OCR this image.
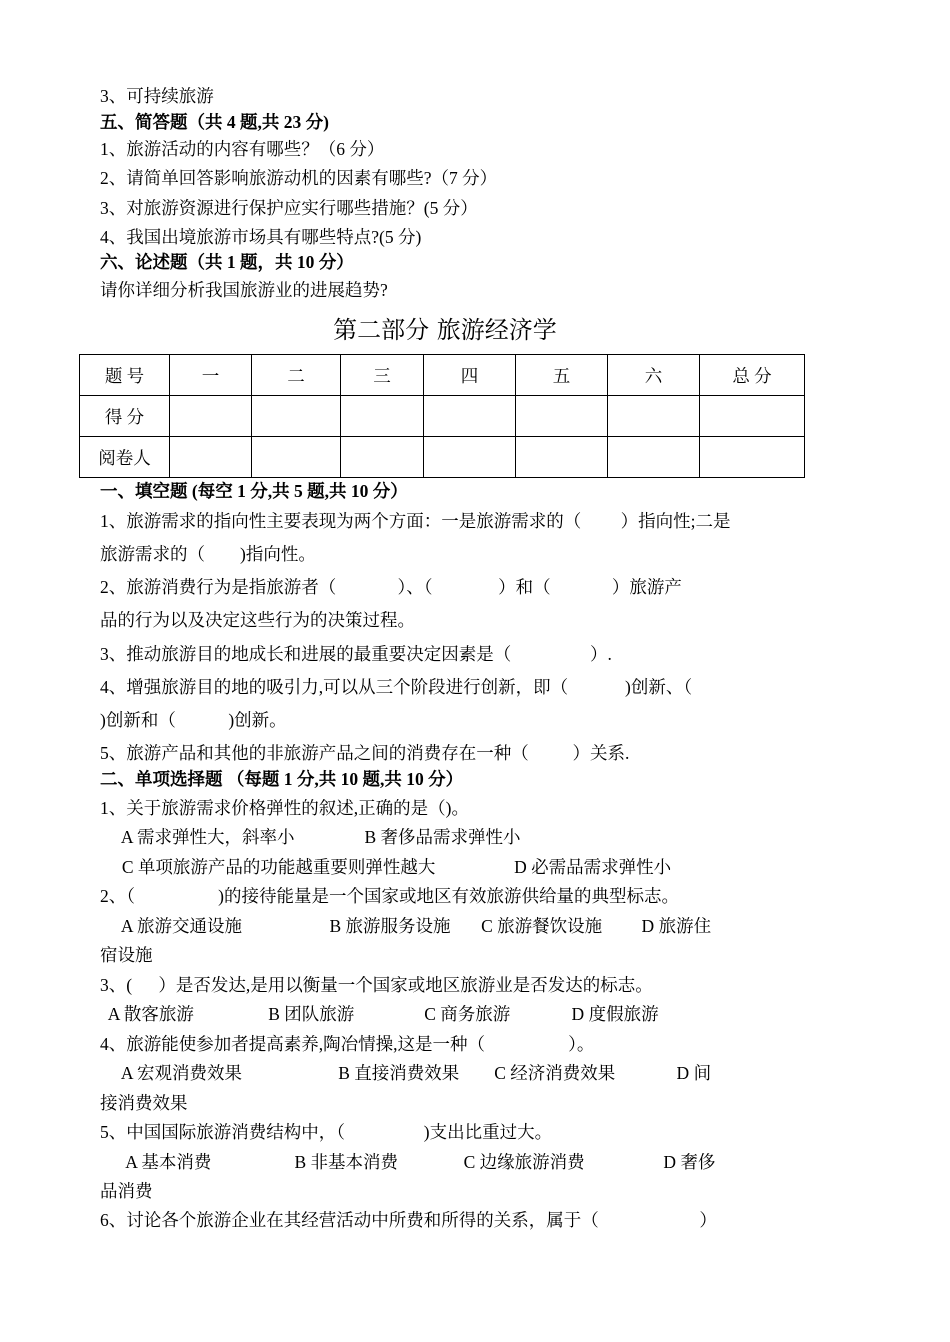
3、可持续旅游
五、简答题（共 4 题,共 23 分)
1、旅游活动的内容有哪些？（6 分）
2、请简单回答影响旅游动机的因素有哪些?（7 分）
3、对旅游资源进行保护应实行哪些措施？(5 分）
4、我国出境旅游市场具有哪些特点?(5 分)
六、论述题（共 1 题，共 10 分）
请你详细分析我国旅游业的进展趋势?
第二部分 旅游经济学
题 号	一	二	三	四	五	六	总 分
得 分							
阅卷人							
一、填空题 (每空 1 分,共 5 题,共 10 分）
1、旅游需求的指向性主要表现为两个方面：一是旅游需求的（         ）指向性;二是
旅游需求的（        )指向性。
2、旅游消费行为是指旅游者（              ）、（               ）和（              ）旅游产
品的行为以及决定这些行为的决策过程。
3、推动旅游目的地成长和进展的最重要决定因素是（                  ）.
4、增强旅游目的地的吸引力,可以从三个阶段进行创新，即（             )创新、（
)创新和（            )创新。
5、旅游产品和其他的非旅游产品之间的消费存在一种（          ）关系.
二、单项选择题 （每题 1 分,共 10 题,共 10 分）
1、关于旅游需求价格弹性的叙述,正确的是（)。
A 需求弹性大，斜率小                B 奢侈品需求弹性小
C 单项旅游产品的功能越重要则弹性越大                  D 必需品需求弹性小
2、（                   )的接待能量是一个国家或地区有效旅游供给量的典型标志。
A 旅游交通设施                    B 旅游服务设施       C 旅游餐饮设施         D 旅游住
宿设施
3、(      ）是否发达,是用以衡量一个国家或地区旅游业是否发达的标志。
A 散客旅游                 B 团队旅游                C 商务旅游              D 度假旅游
4、旅游能使参加者提高素养,陶冶情操,这是一种（                   ）。
A 宏观消费效果                      B 直接消费效果        C 经济消费效果              D 间
接消费效果
5、中国国际旅游消费结构中，（                  )支出比重过大。
A 基本消费                   B 非基本消费               C 边缘旅游消费                  D 奢侈
品消费
6、讨论各个旅游企业在其经营活动中所费和所得的关系，属于（                       ）
